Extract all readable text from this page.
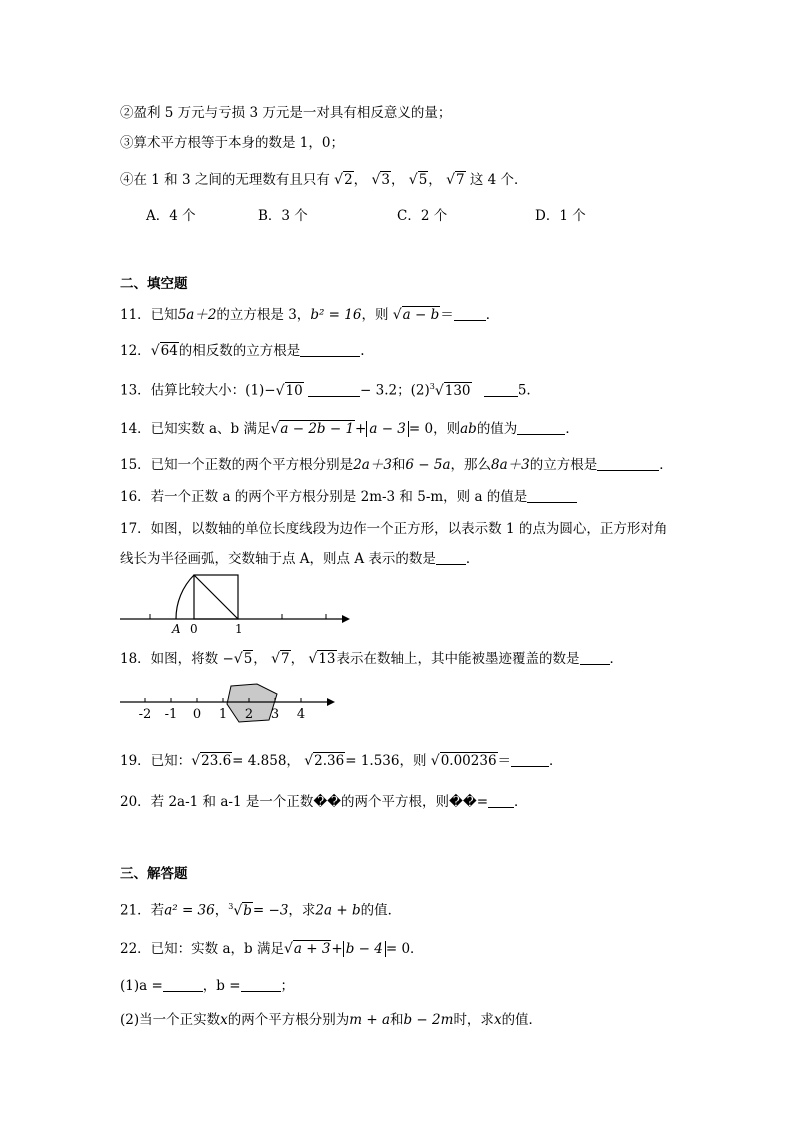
②盈利 5 万元与亏损 3 万元是一对具有相反意义的量；
③算术平方根等于本身的数是 1，0；
④在 1 和 3 之间的无理数有且只有 √2， √3， √5， √7 这 4 个．
A．4 个	B．3 个	C．2 个	D．1 个
二、填空题
11．已知5a＋2的立方根是 3，b² = 16，则 √a − b＝ ．
12．√64的相反数的立方根是	.
13．估算比较大小：(1)−√10	− 3.2；$(2)^3√130$	5.
14．已知实数 a、b 满足√a − 2b − 1+ a − 3 = 0，则ab的值为	．
15．已知一个正数的两个平方根分别是2a＋3和6 − 5a，那么8a＋3的立方根是	．
16．若一个正数 a 的两个平方根分别是 2m-3 和 5-m，则 a 的值是
17．如图，以数轴的单位长度线段为边作一个正方形，以表示数 1 的点为圆心，正方形对角
线长为半径画弧，交数轴于点 A，则点 A 表示的数是 ．
A 0	1
18．如图，将数 −√5， √7， √13表示在数轴上，其中能被墨迹覆盖的数是 ．
-2 -1 0 1 2 3 4
19．已知：√23.6= 4.858， √2.36= 1.536，则 √0.00236＝	．
20．若 2a-1 和 a-1 是一个正数��的两个平方根，则��= ．
三、解答题
21．若a² = 36，$^3$√b= −3，求2a + b的值．
22．已知：实数 a，b 满足√a + 3+ b − 4 = 0．
(1)a =	，b =	；
(2)当一个正实数x的两个平方根分别为m + a和b − 2m时，求x的值．
